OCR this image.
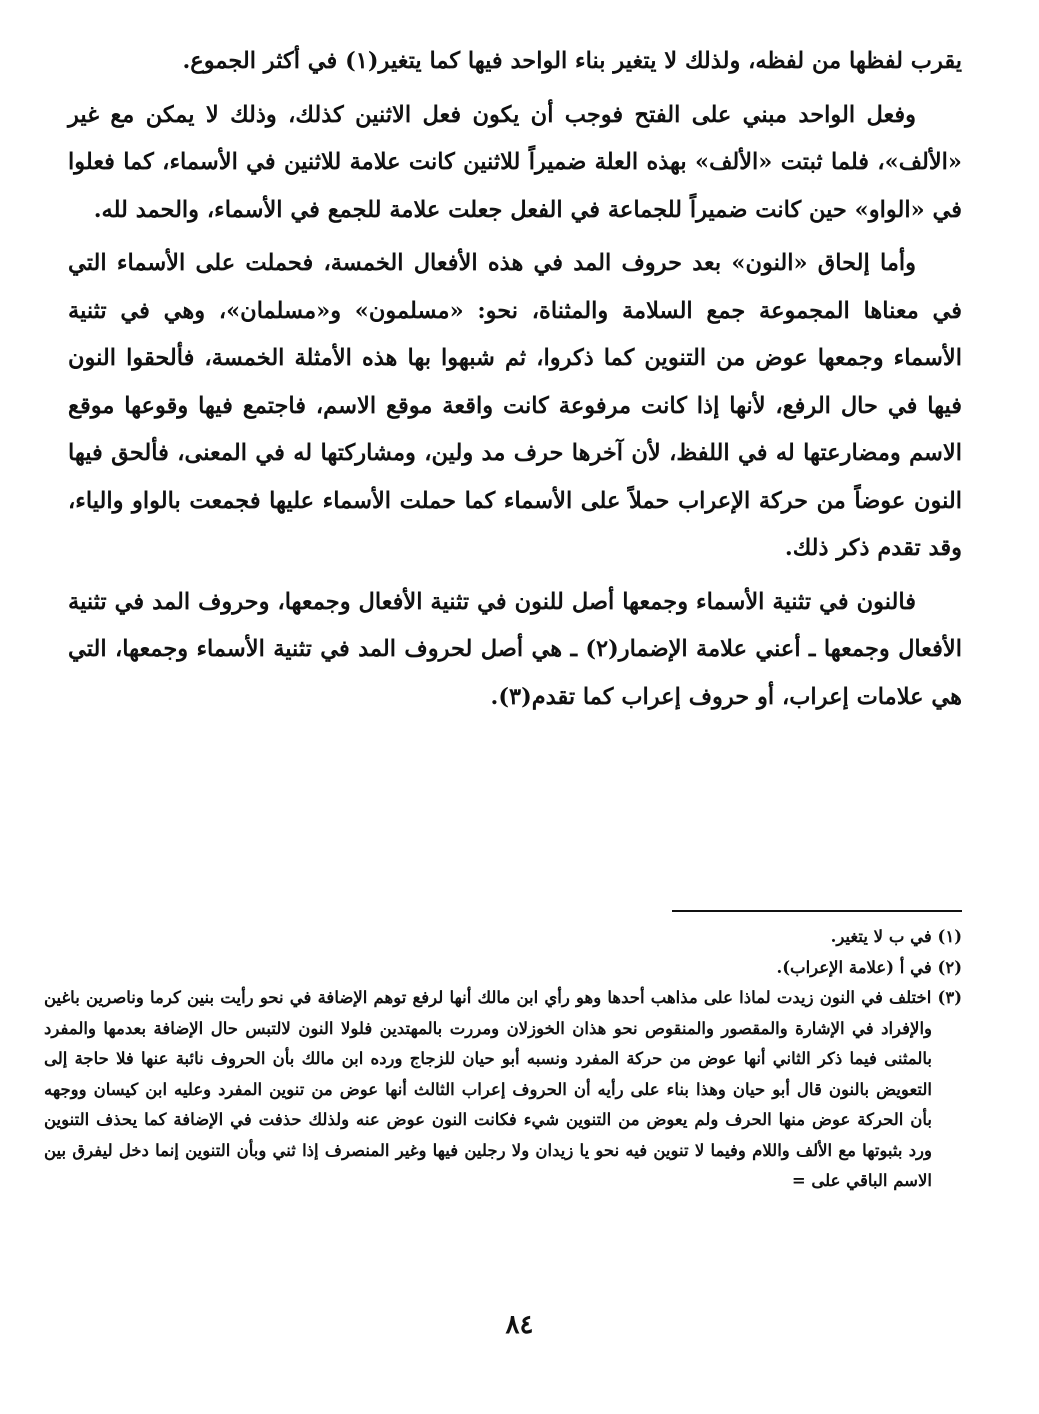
يقرب لفظها من لفظه، ولذلك لا يتغير بناء الواحد فيها كما يتغير(١) في أكثر الجموع.

وفعل الواحد مبني على الفتح فوجب أن يكون فعل الاثنين كذلك، وذلك لا يمكن مع غير «الألف»، فلما ثبتت «الألف» بهذه العلة ضميراً للاثنين كانت علامة للاثنين في الأسماء، كما فعلوا في «الواو» حين كانت ضميراً للجماعة في الفعل جعلت علامة للجمع في الأسماء، والحمد لله.

وأما إلحاق «النون» بعد حروف المد في هذه الأفعال الخمسة، فحملت على الأسماء التي في معناها المجموعة جمع السلامة والمثناة، نحو: «مسلمون» و«مسلمان»، وهي في تثنية الأسماء وجمعها عوض من التنوين كما ذكروا، ثم شبهوا بها هذه الأمثلة الخمسة، فألحقوا النون فيها في حال الرفع، لأنها إذا كانت مرفوعة كانت واقعة موقع الاسم، فاجتمع فيها وقوعها موقع الاسم ومضارعتها له في اللفظ، لأن آخرها حرف مد ولين، ومشاركتها له في المعنى، فألحق فيها النون عوضاً من حركة الإعراب حملاً على الأسماء كما حملت الأسماء عليها فجمعت بالواو والياء، وقد تقدم ذكر ذلك.

فالنون في تثنية الأسماء وجمعها أصل للنون في تثنية الأفعال وجمعها، وحروف المد في تثنية الأفعال وجمعها ـ أعني علامة الإضمار(٢) ـ هي أصل لحروف المد في تثنية الأسماء وجمعها، التي هي علامات إعراب، أو حروف إعراب كما تقدم(٣).

(١) في ب لا يتغير.

(٢) في أ (علامة الإعراب).

(٣) اختلف في النون زيدت لماذا على مذاهب أحدها وهو رأي ابن مالك أنها لرفع توهم الإضافة في نحو رأيت بنين كرما وناصرين باغين والإفراد في الإشارة والمقصور والمنقوص نحو هذان الخوزلان ومررت بالمهتدين فلولا النون لالتبس حال الإضافة بعدمها والمفرد بالمثنى فيما ذكر الثاني أنها عوض من حركة المفرد ونسبه أبو حيان للزجاج ورده ابن مالك بأن الحروف نائبة عنها فلا حاجة إلى التعويض بالنون قال أبو حيان وهذا بناء على رأيه أن الحروف إعراب الثالث أنها عوض من تنوين المفرد وعليه ابن كيسان ووجهه بأن الحركة عوض منها الحرف ولم يعوض من التنوين شيء فكانت النون عوض عنه ولذلك حذفت في الإضافة كما يحذف التنوين ورد بثبوتها مع الألف واللام وفيما لا تنوين فيه نحو يا زيدان ولا رجلين فيها وغير المنصرف إذا ثني وبأن التنوين إنما دخل ليفرق بين الاسم الباقي على =

٨٤
